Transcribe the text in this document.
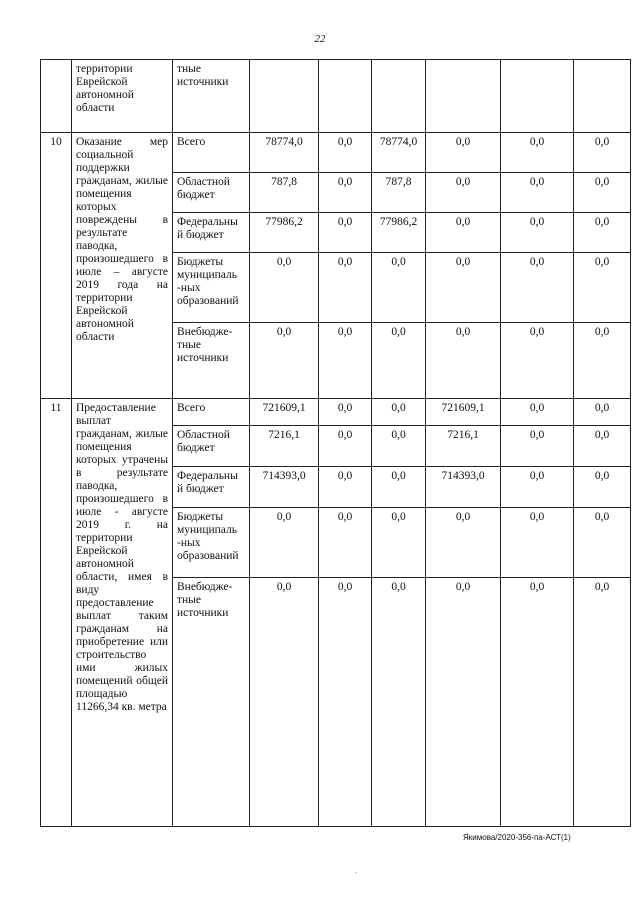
22
	территории Еврейской автономной области	тные источники						
10	Оказание мер социальной поддержки гражданам, жилые помещения которых повреждены в результате паводка, произошедшего в июле – августе 2019 года на территории Еврейской автономной области	Всего	78774,0	0,0	78774,0	0,0	0,0	0,0
		Областной бюджет	787,8	0,0	787,8	0,0	0,0	0,0
		Федеральны й бюджет	77986,2	0,0	77986,2	0,0	0,0	0,0
		Бюджеты муниципаль -ных образований	0,0	0,0	0,0	0,0	0,0	0,0
		Внебюдже-тные источники	0,0	0,0	0,0	0,0	0,0	0,0
11	Предоставление выплат гражданам, жилые помещения которых утрачены в результате паводка, произошедшего в июле - августе 2019 г. на территории Еврейской автономной области, имея в виду предоставление выплат таким гражданам на приобретение или строительство ими жилых помещений общей площадью 11266,34 кв. метра	Всего	721609,1	0,0	0,0	721609,1	0,0	0,0
		Областной бюджет	7216,1	0,0	0,0	7216,1	0,0	0,0
		Федеральны й бюджет	714393,0	0,0	0,0	714393,0	0,0	0,0
		Бюджеты муниципаль -ных образований	0,0	0,0	0,0	0,0	0,0	0,0
		Внебюдже-тные источники	0,0	0,0	0,0	0,0	0,0	0,0
Якимова/2020-356-па-АСТ(1)
.
